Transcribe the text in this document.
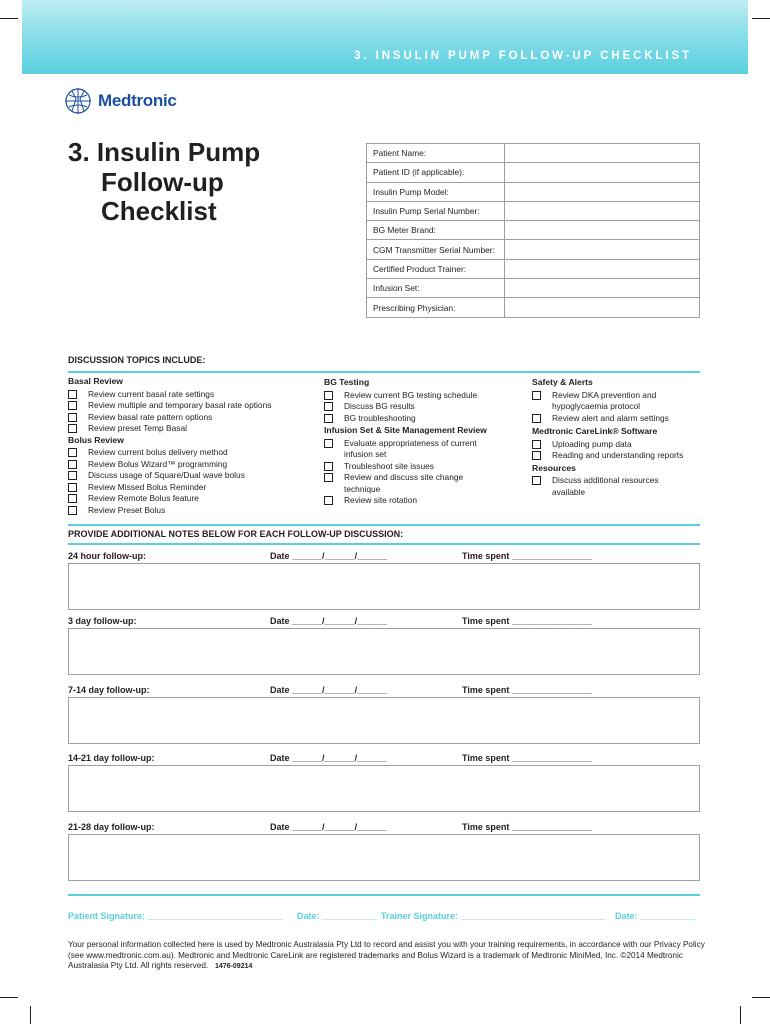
3. INSULIN PUMP FOLLOW-UP CHECKLIST
Medtronic
3. Insulin Pump
Follow-up
Checklist
Patient Name:	
Patient ID (if applicable):	
Insulin Pump Model:	
Insulin Pump Serial Number:	
BG Meter Brand:	
CGM Transmitter Serial Number:	
Certified Product Trainer:	
Infusion Set:	
Prescribing Physician:	
DISCUSSION TOPICS INCLUDE:
Basal Review
Review current basal rate settings
Review multiple and temporary basal rate options
Review basal rate pattern options
Review preset Temp Basal
Bolus Review
Review current bolus delivery method
Review Bolus Wizard™ programming
Discuss usage of Square/Dual wave bolus
Review Missed Bolus Reminder
Review Remote Bolus feature
Review Preset Bolus
BG Testing
Review current BG testing schedule
Discuss BG results
BG troubleshooting
Infusion Set & Site Management Review
Evaluate appropriateness of current infusion set
Troubleshoot site issues
Review and discuss site change technique
Review site rotation
Safety & Alerts
Review DKA prevention and hypoglycaemia protocol
Review alert and alarm settings
Medtronic CareLink® Software
Uploading pump data
Reading and understanding reports
Resources
Discuss additional resources available
PROVIDE ADDITIONAL NOTES BELOW FOR EACH FOLLOW-UP DISCUSSION:
24 hour follow-up:	Date ______/______/______	Time spent ________________
3 day follow-up:	Date ______/______/______	Time spent ________________
7-14 day follow-up:	Date ______/______/______	Time spent ________________
14-21 day follow-up:	Date ______/______/______	Time spent ________________
21-28 day follow-up:	Date ______/______/______	Time spent ________________
Patient Signature: ___________________________ Date: ___________ Trainer Signature: _____________________________ Date: ___________
Your personal information collected here is used by Medtronic Australasia Pty Ltd to record and assist you with your training requirements, in accordance with our Privacy Policy (see www.medtronic.com.au). Medtronic and Medtronic CareLink are registered trademarks and Bolus Wizard is a trademark of Medtronic MiniMed, Inc. ©2014 Medtronic Australasia Pty Ltd. All rights reserved. 1476-09214
